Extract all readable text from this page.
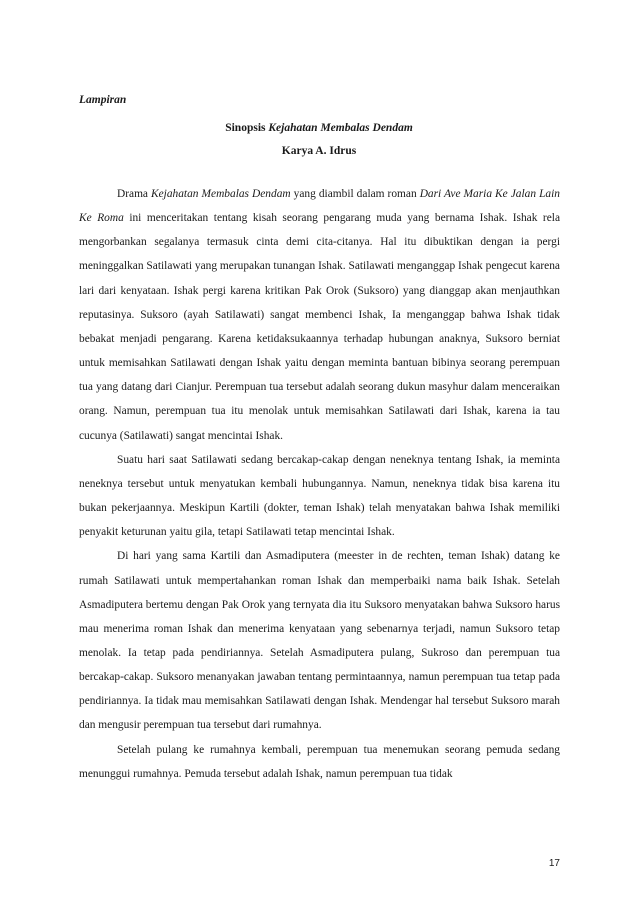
Lampiran
Sinopsis Kejahatan Membalas Dendam
Karya A. Idrus

Drama Kejahatan Membalas Dendam yang diambil dalam roman Dari Ave Maria Ke Jalan Lain Ke Roma ini menceritakan tentang kisah seorang pengarang muda yang bernama Ishak. Ishak rela mengorbankan segalanya termasuk cinta demi cita-citanya. Hal itu dibuktikan dengan ia pergi meninggalkan Satilawati yang merupakan tunangan Ishak. Satilawati menganggap Ishak pengecut karena lari dari kenyataan. Ishak pergi karena kritikan Pak Orok (Suksoro) yang dianggap akan menjauthkan reputasinya. Suksoro (ayah Satilawati) sangat membenci Ishak, Ia menganggap bahwa Ishak tidak bebakat menjadi pengarang. Karena ketidaksukaannya terhadap hubungan anaknya, Suksoro berniat untuk memisahkan Satilawati dengan Ishak yaitu dengan meminta bantuan bibinya seorang perempuan tua yang datang dari Cianjur. Perempuan tua tersebut adalah seorang dukun masyhur dalam menceraikan orang. Namun, perempuan tua itu menolak untuk memisahkan Satilawati dari Ishak, karena ia tau cucunya (Satilawati) sangat mencintai Ishak.

Suatu hari saat Satilawati sedang bercakap-cakap dengan neneknya tentang Ishak, ia meminta neneknya tersebut untuk menyatukan kembali hubungannya. Namun, neneknya tidak bisa karena itu bukan pekerjaannya. Meskipun Kartili (dokter, teman Ishak) telah menyatakan bahwa Ishak memiliki penyakit keturunan yaitu gila, tetapi Satilawati tetap mencintai Ishak.

Di hari yang sama Kartili dan Asmadiputera (meester in de rechten, teman Ishak) datang ke rumah Satilawati untuk mempertahankan roman Ishak dan memperbaiki nama baik Ishak. Setelah Asmadiputera bertemu dengan Pak Orok yang ternyata dia itu Suksoro menyatakan bahwa Suksoro harus mau menerima roman Ishak dan menerima kenyataan yang sebenarnya terjadi, namun Suksoro tetap menolak. Ia tetap pada pendiriannya. Setelah Asmadiputera pulang, Sukroso dan perempuan tua bercakap-cakap. Suksoro menanyakan jawaban tentang permintaannya, namun perempuan tua tetap pada pendiriannya. Ia tidak mau memisahkan Satilawati dengan Ishak. Mendengar hal tersebut Suksoro marah dan mengusir perempuan tua tersebut dari rumahnya.

Setelah pulang ke rumahnya kembali, perempuan tua menemukan seorang pemuda sedang menunggui rumahnya. Pemuda tersebut adalah Ishak, namun perempuan tua tidak

17
